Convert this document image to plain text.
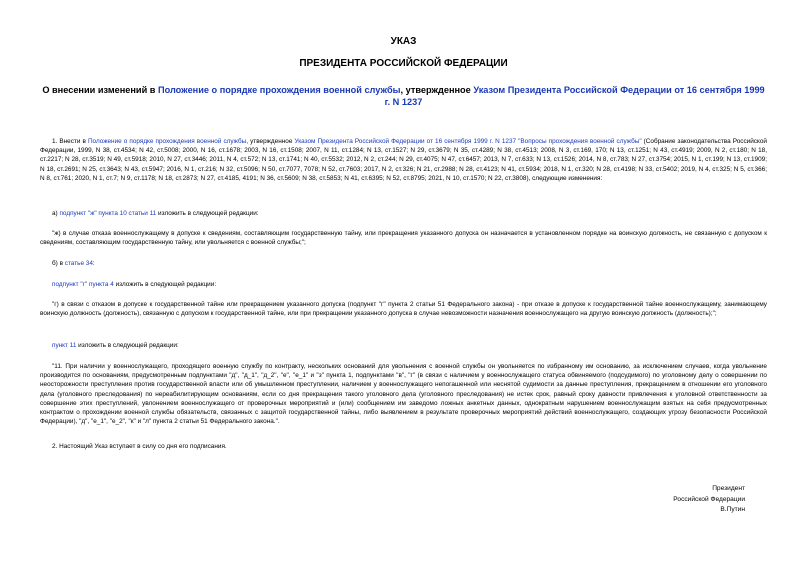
УКАЗ
ПРЕЗИДЕНТА РОССИЙСКОЙ ФЕДЕРАЦИИ
О внесении изменений в Положение о порядке прохождения военной службы, утвержденное Указом Президента Российской Федерации от 16 сентября 1999 г. N 1237
1. Внести в Положение о порядке прохождения военной службы, утвержденное Указом Президента Российской Федерации от 16 сентября 1999 г. N 1237 "Вопросы прохождения военной службы" (Собрание законодательства Российской Федерации, 1999, N 38, ст.4534; N 42, ст.5008; 2000, N 16, ст.1678; 2003, N 16, ст.1508; 2007, N 11, ст.1284; N 13, ст.1527; N 29, ст.3679; N 35, ст.4289; N 38, ст.4513; 2008, N 3, ст.169, 170; N 13, ст.1251; N 43, ст.4919; 2009, N 2, ст.180; N 18, ст.2217; N 28, ст.3519; N 49, ст.5918; 2010, N 27, ст.3446; 2011, N 4, ст.572; N 13, ст.1741; N 40, ст.5532; 2012, N 2, ст.244; N 29, ст.4075; N 47, ст.6457; 2013, N 7, ст.633; N 13, ст.1526; 2014, N 8, ст.783; N 27, ст.3754; 2015, N 1, ст.199; N 13, ст.1909; N 18, ст.2691; N 25, ст.3643; N 43, ст.5947; 2016, N 1, ст.216; N 32, ст.5096; N 50, ст.7077, 7078; N 52, ст.7603; 2017, N 2, ст.326; N 21, ст.2988; N 28, ст.4123; N 41, ст.5934; 2018, N 1, ст.320; N 28, ст.4198; N 33, ст.5402; 2019, N 4, ст.325; N 5, ст.366; N 8, ст.761; 2020, N 1, ст.7; N 9, ст.1178; N 18, ст.2873; N 27, ст.4185, 4191; N 36, ст.5609; N 38, ст.5853; N 41, ст.6395; N 52, ст.8795; 2021, N 10, ст.1570; N 22, ст.3808), следующие изменения:
а) подпункт "ж" пункта 10 статьи 11 изложить в следующей редакции:
"ж) в случае отказа военнослужащему в допуске к сведениям, составляющим государственную тайну, или прекращения указанного допуска он назначается в установленном порядке на воинскую должность, не связанную с допуском к сведениям, составляющим государственную тайну, или увольняется с военной службы;";
б) в статье 34:
подпункт "г" пункта 4 изложить в следующей редакции:
"г) в связи с отказом в допуске к государственной тайне или прекращением указанного допуска (подпункт "г" пункта 2 статьи 51 Федерального закона) - при отказе в допуске к государственной тайне военнослужащему, занимающему воинскую должность (должность), связанную с допуском к государственной тайне, или при прекращении указанного допуска в случае невозможности назначения военнослужащего на другую воинскую должность (должность);";
пункт 11 изложить в следующей редакции:
"11. При наличии у военнослужащего, проходящего военную службу по контракту, нескольких оснований для увольнения с военной службы он увольняется по избранному им основанию, за исключением случаев, когда увольнение производится по основаниям, предусмотренным подпунктами "д", "д_1", "д_2", "е", "е_1" и "з" пункта 1, подпунктами "в", "г" (в связи с наличием у военнослужащего статуса обвиняемого (подсудимого) по уголовному делу о совершении по неосторожности преступления против государственной власти или об умышленном преступлении, наличием у военнослужащего непогашенной или неснятой судимости за данные преступления, прекращением в отношении его уголовного дела (уголовного преследования) по нереабилитирующим основаниям, если со дня прекращения такого уголовного дела (уголовного преследования) не истек срок, равный сроку давности привлечения к уголовной ответственности за совершение этих преступлений, увлонением военнослужащего от проверочных мероприятий и (или) сообщением им заведомо ложных анкетных данных, однократным нарушением военнослужащим взятых на себя предусмотренных контрактом о прохождении военной службы обязательств, связанных с защитой государственной тайны, либо выявлением в результате проверочных мероприятий действий военнослужащего, создающих угрозу безопасности Российской Федерации), "д", "е_1", "е_2", "к" и "л" пункта 2 статьи 51 Федерального закона.".
2. Настоящий Указ вступает в силу со дня его подписания.
Президент
Российской Федерации
В.Путин
